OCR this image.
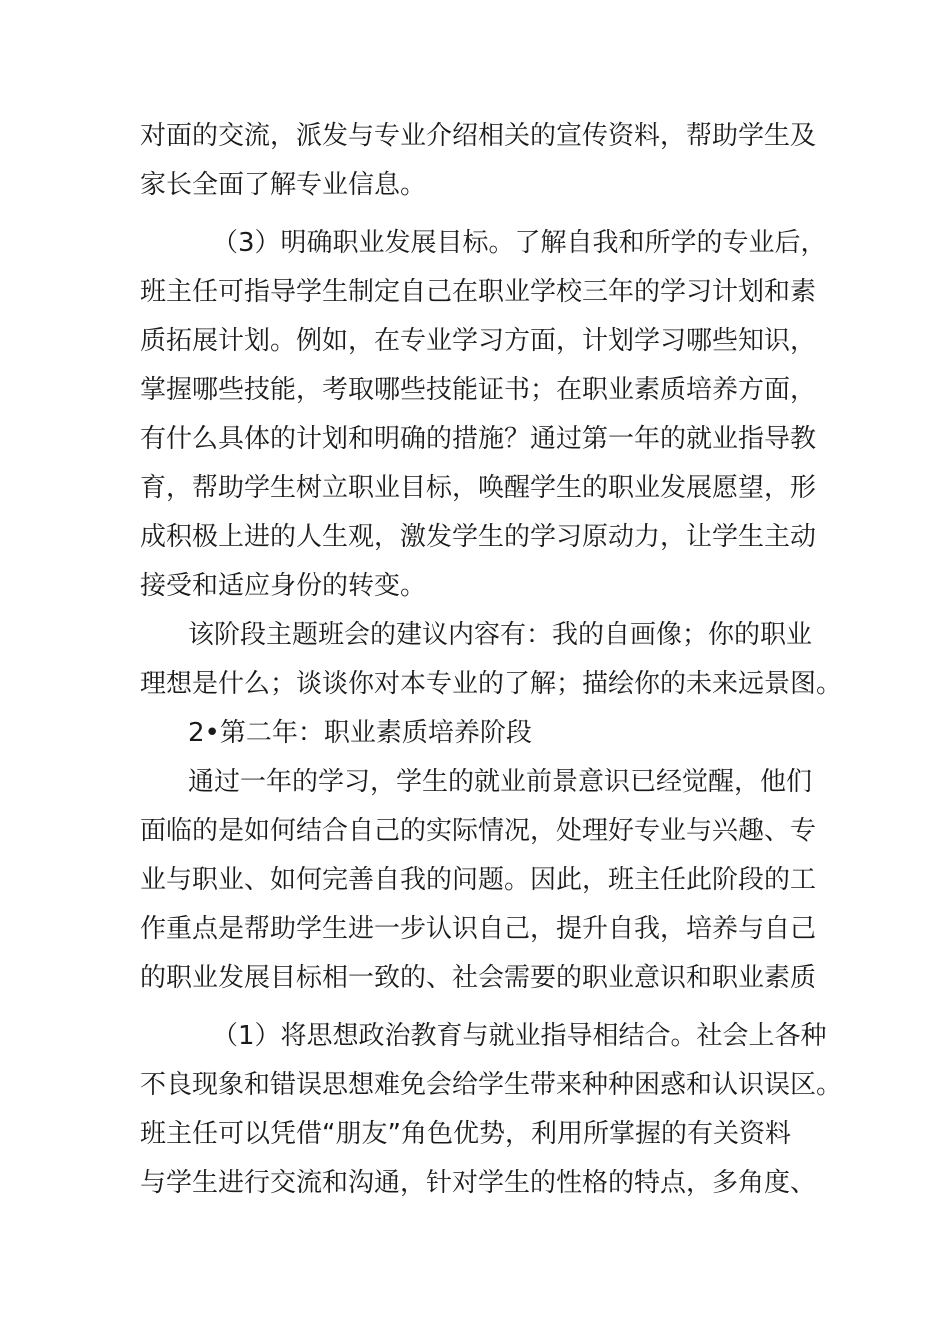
对面的交流，派发与专业介绍相关的宣传资料，帮助学生及
家长全面了解专业信息。
（3）明确职业发展目标。了解自我和所学的专业后，
班主任可指导学生制定自己在职业学校三年的学习计划和素
质拓展计划。例如，在专业学习方面，计划学习哪些知识，
掌握哪些技能，考取哪些技能证书；在职业素质培养方面，
有什么具体的计划和明确的措施？通过第一年的就业指导教
育，帮助学生树立职业目标，唤醒学生的职业发展愿望，形
成积极上进的人生观，激发学生的学习原动力，让学生主动
接受和适应身份的转变。
该阶段主题班会的建议内容有：我的自画像；你的职业
理想是什么；谈谈你对本专业的了解；描绘你的未来远景图。
2•第二年：职业素质培养阶段
通过一年的学习，学生的就业前景意识已经觉醒，他们
面临的是如何结合自己的实际情况，处理好专业与兴趣、专
业与职业、如何完善自我的问题。因此，班主任此阶段的工
作重点是帮助学生进一步认识自己，提升自我，培养与自己
的职业发展目标相一致的、社会需要的职业意识和职业素质
（1）将思想政治教育与就业指导相结合。社会上各种
不良现象和错误思想难免会给学生带来种种困惑和认识误区。
班主任可以凭借“朋友”角色优势，利用所掌握的有关资料
与学生进行交流和沟通，针对学生的性格的特点，多角度、
